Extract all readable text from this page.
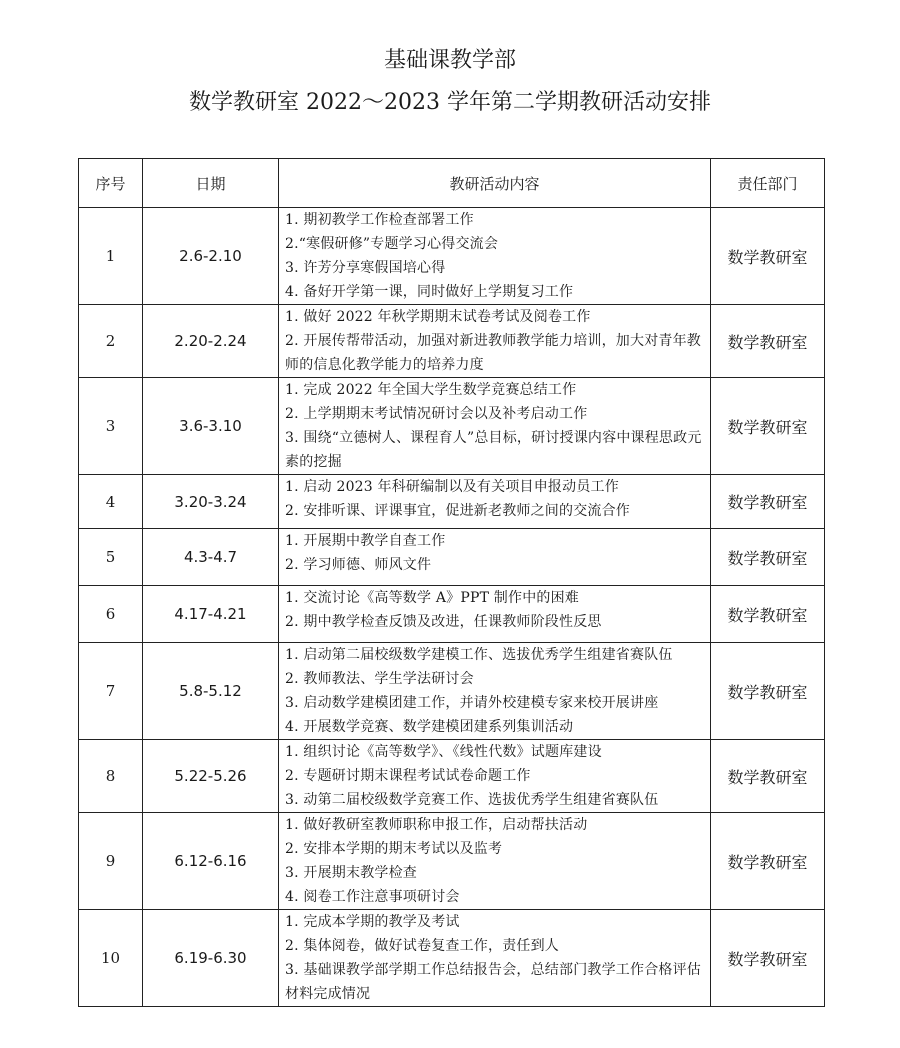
基础课教学部
数学教研室 2022～2023 学年第二学期教研活动安排
序号	日期	教研活动内容	责任部门
1	2.6-2.10	1. 期初教学工作检查部署工作
2.“寒假研修”专题学习心得交流会
3. 许芳分享寒假国培心得
4. 备好开学第一课，同时做好上学期复习工作	数学教研室
2	2.20-2.24	1. 做好 2022 年秋学期期末试卷考试及阅卷工作
2. 开展传帮带活动，加强对新进教师教学能力培训，加大对青年教师的信息化教学能力的培养力度	数学教研室
3	3.6-3.10	1. 完成 2022 年全国大学生数学竞赛总结工作
2. 上学期期末考试情况研讨会以及补考启动工作
3. 围绕“立德树人、课程育人”总目标，研讨授课内容中课程思政元素的挖掘	数学教研室
4	3.20-3.24	1. 启动 2023 年科研编制以及有关项目申报动员工作
2. 安排听课、评课事宜，促进新老教师之间的交流合作	数学教研室
5	4.3-4.7	1. 开展期中教学自查工作
2. 学习师德、师风文件	数学教研室
6	4.17-4.21	1. 交流讨论《高等数学 A》PPT 制作中的困难
2. 期中教学检查反馈及改进，任课教师阶段性反思	数学教研室
7	5.8-5.12	1. 启动第二届校级数学建模工作、选拔优秀学生组建省赛队伍
2. 教师教法、学生学法研讨会
3. 启动数学建模团建工作，并请外校建模专家来校开展讲座
4. 开展数学竞赛、数学建模团建系列集训活动	数学教研室
8	5.22-5.26	1. 组织讨论《高等数学》、《线性代数》试题库建设
2. 专题研讨期末课程考试试卷命题工作
3. 动第二届校级数学竞赛工作、选拔优秀学生组建省赛队伍	数学教研室
9	6.12-6.16	1. 做好教研室教师职称申报工作，启动帮扶活动
2. 安排本学期的期末考试以及监考
3. 开展期末教学检查
4. 阅卷工作注意事项研讨会	数学教研室
10	6.19-6.30	1. 完成本学期的教学及考试
2. 集体阅卷，做好试卷复查工作，责任到人
3. 基础课教学部学期工作总结报告会，总结部门教学工作合格评估材料完成情况	数学教研室
